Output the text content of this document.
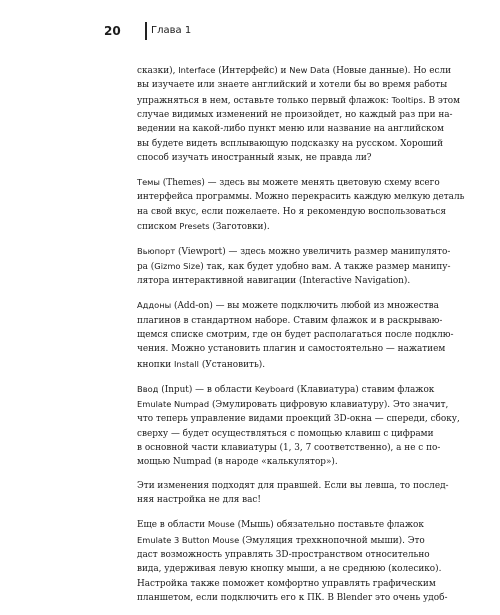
20	Глава 1

сказки), Interface (Интерфейс) и New Data (Новые данные). Но если
вы изучаете или знаете английский и хотели бы во время работы
упражняться в нем, оставьте только первый флажок: Tooltips. В этом
случае видимых изменений не произойдет, но каждый раз при на-
ведении на какой-либо пункт меню или название на английском
вы будете видеть всплывающую подсказку на русском. Хороший
способ изучать иностранный язык, не правда ли?

Темы (Themes) — здесь вы можете менять цветовую схему всего
интерфейса программы. Можно перекрасить каждую мелкую деталь
на свой вкус, если пожелаете. Но я рекомендую воспользоваться
списком Presets (Заготовки).

Вьюпорт (Viewport) — здесь можно увеличить размер манипулято-
ра (Gizmo Size) так, как будет удобно вам. А также размер манипу-
лятора интерактивной навигации (Interactive Navigation).

Аддоны (Add-on) — вы можете подключить любой из множества
плагинов в стандартном наборе. Ставим флажок и в раскрываю-
щемся списке смотрим, где он будет располагаться после подклю-
чения. Можно установить плагин и самостоятельно — нажатием
кнопки Install (Установить).

Ввод (Input) — в области Keyboard (Клавиатура) ставим флажок
Emulate Numpad (Эмулировать цифровую клавиатуру). Это значит,
что теперь управление видами проекций 3D-окна — спереди, сбоку,
сверху — будет осуществляться с помощью клавиш с цифрами
в основной части клавиатуры (1, 3, 7 соответственно), а не с по-
мощью Numpad (в народе «калькулятор»).

Эти изменения подходят для правшей. Если вы левша, то послед-
няя настройка не для вас!

Еще в области Mouse (Мышь) обязательно поставьте флажок
Emulate 3 Button Mouse (Эмуляция трехкнопочной мыши). Это
даст возможность управлять 3D-пространством относительно
вида, удерживая левую кнопку мыши, а не среднюю (колесико).
Настройка также поможет комфортно управлять графическим
планшетом, если подключить его к ПК. В Blender это очень удоб-
